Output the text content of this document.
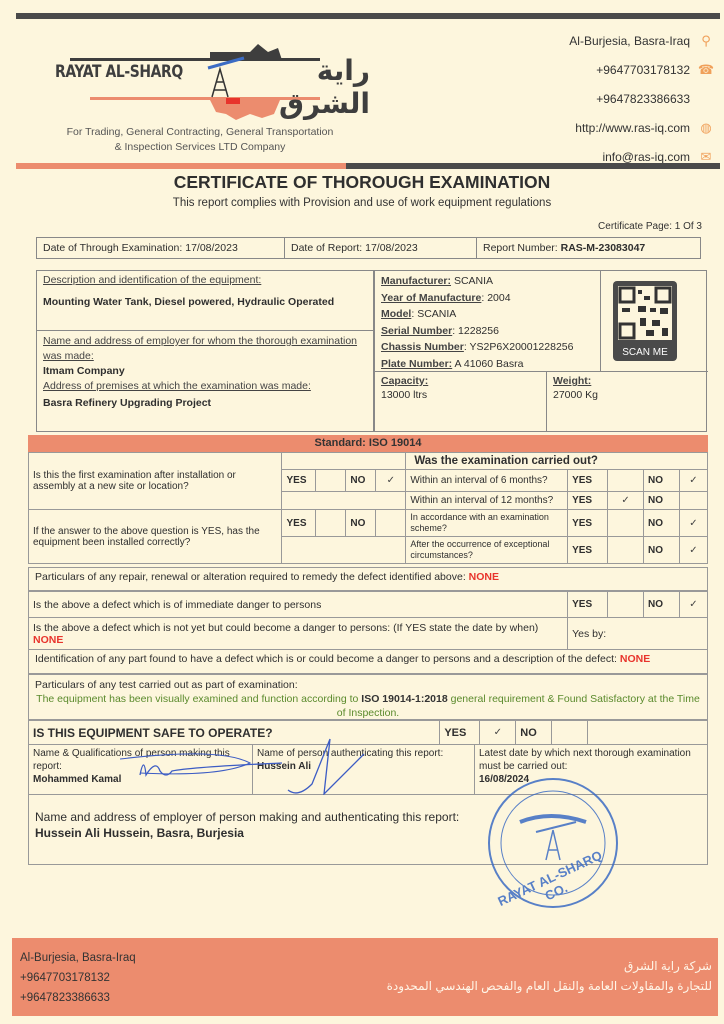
RAYAT AL-SHARQ	راية الشرق
For Trading, General Contracting, General Transportation
& Inspection Services LTD Company
Al-Burjesia, Basra-Iraq ⚲
+9647703178132 ☎
+9647823386633
http://www.ras-iq.com ◍
info@ras-iq.com ✉
CERTIFICATE OF THOROUGH EXAMINATION
This report complies with Provision and use of work equipment regulations
Certificate Page: 1 Of 3
Date of Through Examination: 17/08/2023	Date of Report: 17/08/2023	Report Number: RAS-M-23083047
Description and identification of the equipment:
Mounting Water Tank, Diesel powered, Hydraulic Operated
Name and address of employer for whom the thorough examination was made:
Itmam Company
Address of premises at which the examination was made:
Basra Refinery Upgrading Project
Manufacturer: SCANIA
Year of Manufacture: 2004
Model: SCANIA
Serial Number: 1228256
Chassis Number: YS2P6X20001228256
Plate Number: A 41060 Basra
SCAN ME
Capacity:
13000 ltrs
Weight:
27000 Kg
Standard: ISO 19014
Is this the first examination after installation or assembly at a new site or location?					Was the examination carried out?				
	YES		NO	✓	Within an interval of 6 months?	YES		NO	✓
					Within an interval of 12 months?	YES	✓	NO	
If the answer to the above question is YES, has the equipment been installed correctly?	YES		NO		In accordance with an examination scheme?	YES		NO	✓
					After the occurrence of exceptional circumstances?	YES		NO	✓
Particulars of any repair, renewal or alteration required to remedy the defect identified above: NONE
Is the above a defect which is of immediate danger to persons	YES		NO	✓
Is the above a defect which is not yet but could become a danger to persons: (If YES state the date by when) NONE	Yes by:			
Identification of any part found to have a defect which is or could become a danger to persons and a description of the defect: NONE
Particulars of any test carried out as part of examination:
The equipment has been visually examined and function according to ISO 19014-1:2018 general requirement & Found Satisfactory at the Time of Inspection.
IS THIS EQUIPMENT SAFE TO OPERATE?	YES	✓	NO		
Name & Qualifications of person making this report:
Mohammed Kamal

Name of person authenticating this report:
Hussein Ali

Latest date by which next thorough examination must be carried out:
16/08/2024

Name and address of employer of person making and authenticating this report:
Hussein Ali Hussein, Basra, Burjesia
RAYAT AL-SHARQ CO.
Al-Burjesia, Basra-Iraq
+9647703178132
+9647823386633
شركة راية الشرق
للتجارة والمقاولات العامة والنقل العام والفحص الهندسي المحدودة
